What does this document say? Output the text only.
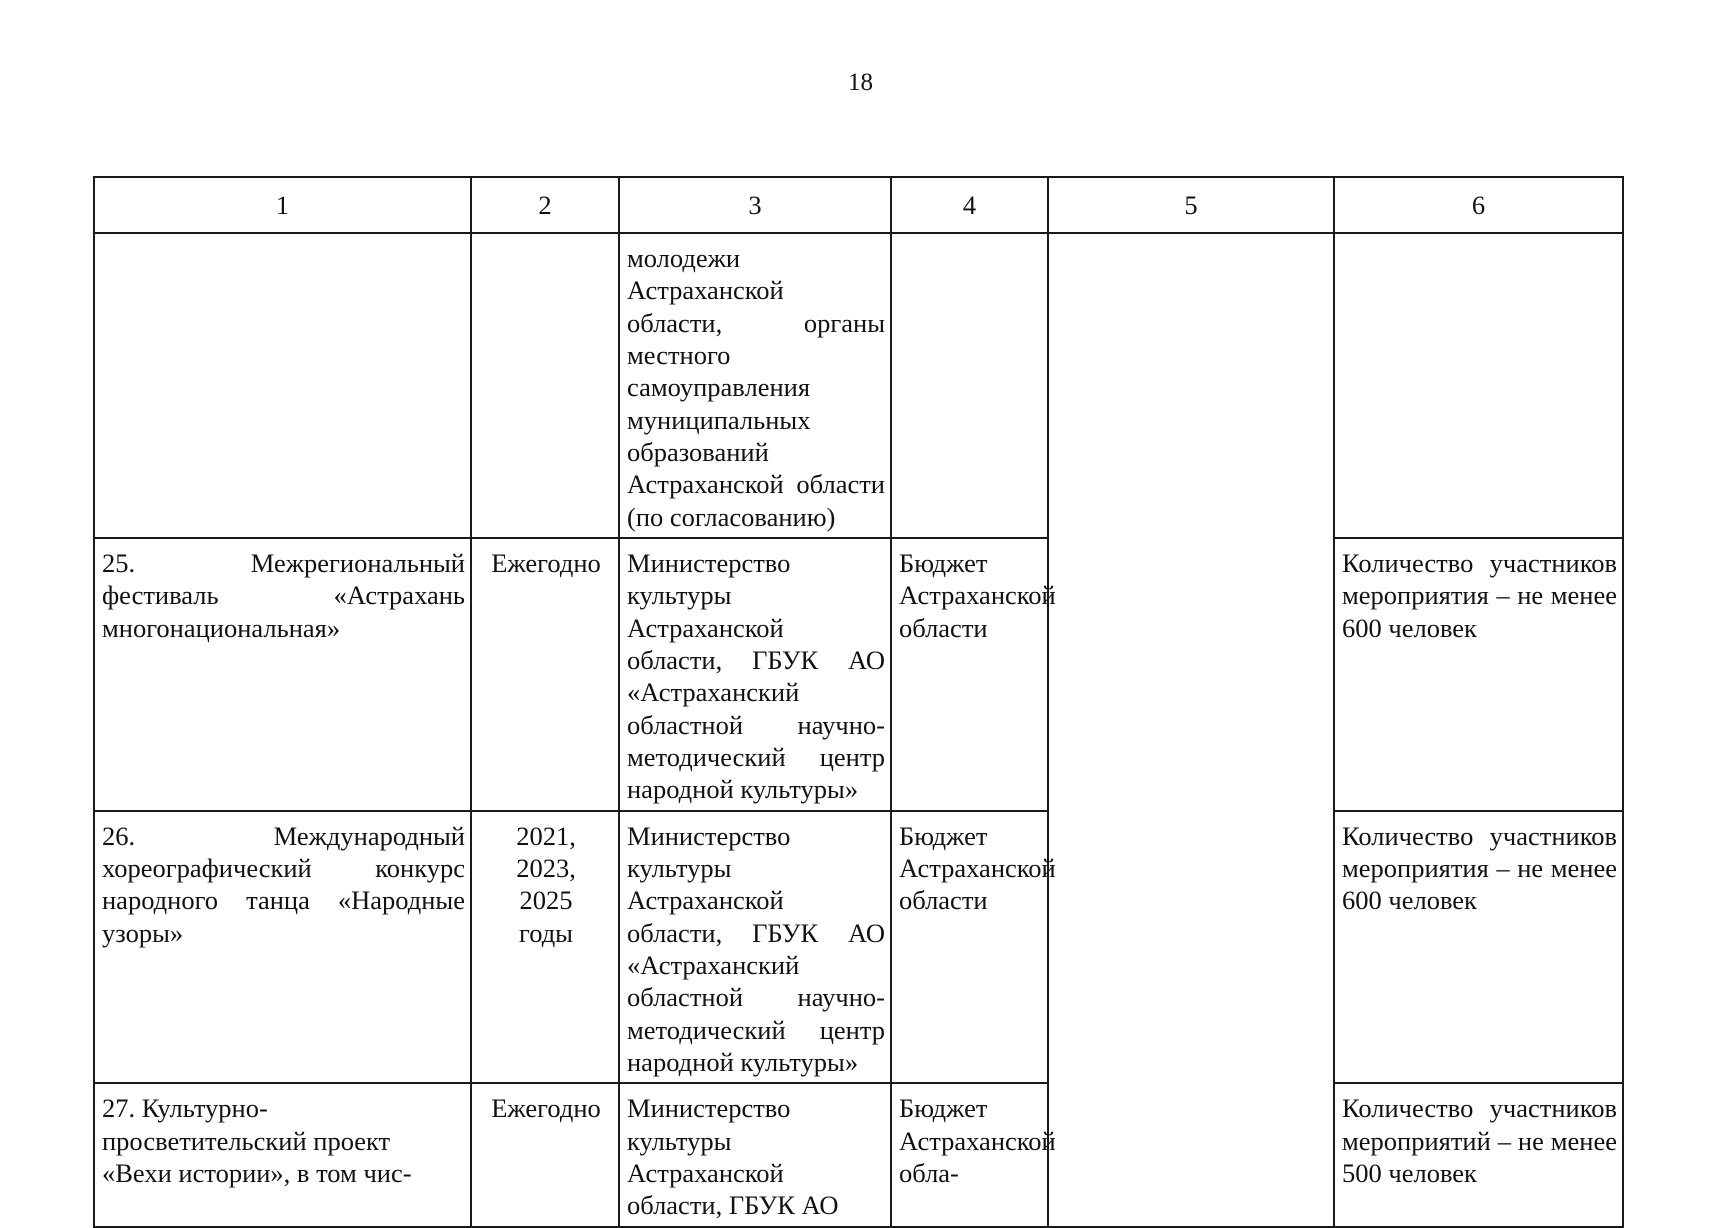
18
1	2	3	4	5	6
		молодежи Астраханской области, органы местного самоуправления муниципальных образований Астраханской области (по согласованию)			
25. Межрегиональный фестиваль «Астрахань многонациональная»	Ежегодно	Министерство культуры Астраханской области, ГБУК АО «Астраханский областной научно-методический центр народной культуры»	Бюджет Астраханской области		Количество участников мероприятия – не менее 600 человек
26. Международный хореографический конкурс народного танца «Народные узоры»	2021,
2023,
2025
годы	Министерство культуры Астраханской области, ГБУК АО «Астраханский областной научно-методический центр народной культуры»	Бюджет Астраханской области		Количество участников мероприятия – не менее 600 человек
27. Культурно-просветительский проект «Вехи истории», в том чис-	Ежегодно	Министерство культуры Астраханской области, ГБУК АО	Бюджет Астраханской обла-		Количество участников мероприятий – не менее 500 человек
